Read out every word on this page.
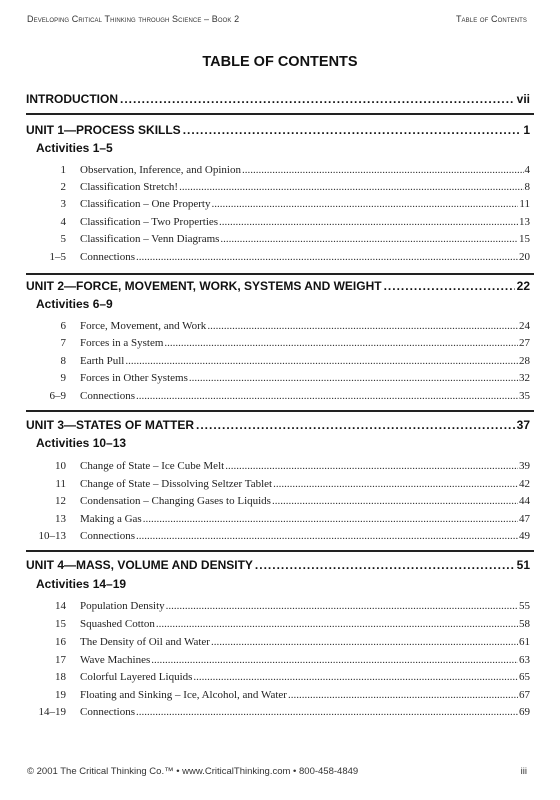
Developing Critical Thinking through Science – Book 2	Table of Contents
TABLE OF CONTENTS
INTRODUCTION .....	vii
UNIT 1—PROCESS SKILLS .....	1
Activities 1–5
1 Observation, Inference, and Opinion .....	4
2 Classification Stretch! .....	8
3 Classification – One Property .....	11
4 Classification – Two Properties .....	13
5 Classification – Venn Diagrams .....	15
1–5 Connections .....	20
UNIT 2—FORCE, MOVEMENT, WORK, SYSTEMS AND WEIGHT .....	22
Activities 6–9
6 Force, Movement, and Work .....	24
7 Forces in a System .....	27
8 Earth Pull .....	28
9 Forces in Other Systems .....	32
6–9 Connections .....	35
UNIT 3—STATES OF MATTER .....	37
Activities 10–13
10 Change of State – Ice Cube Melt .....	39
11 Change of State – Dissolving Seltzer Tablet .....	42
12 Condensation – Changing Gases to Liquids .....	44
13 Making a Gas .....	47
10–13 Connections .....	49
UNIT 4—MASS, VOLUME AND DENSITY .....	51
Activities 14–19
14 Population Density .....	55
15 Squashed Cotton .....	58
16 The Density of Oil and Water .....	61
17 Wave Machines .....	63
18 Colorful Layered Liquids .....	65
19 Floating and Sinking – Ice, Alcohol, and Water .....	67
14–19 Connections .....	69
© 2001 The Critical Thinking Co.™ • www.CriticalThinking.com • 800-458-4849	iii
